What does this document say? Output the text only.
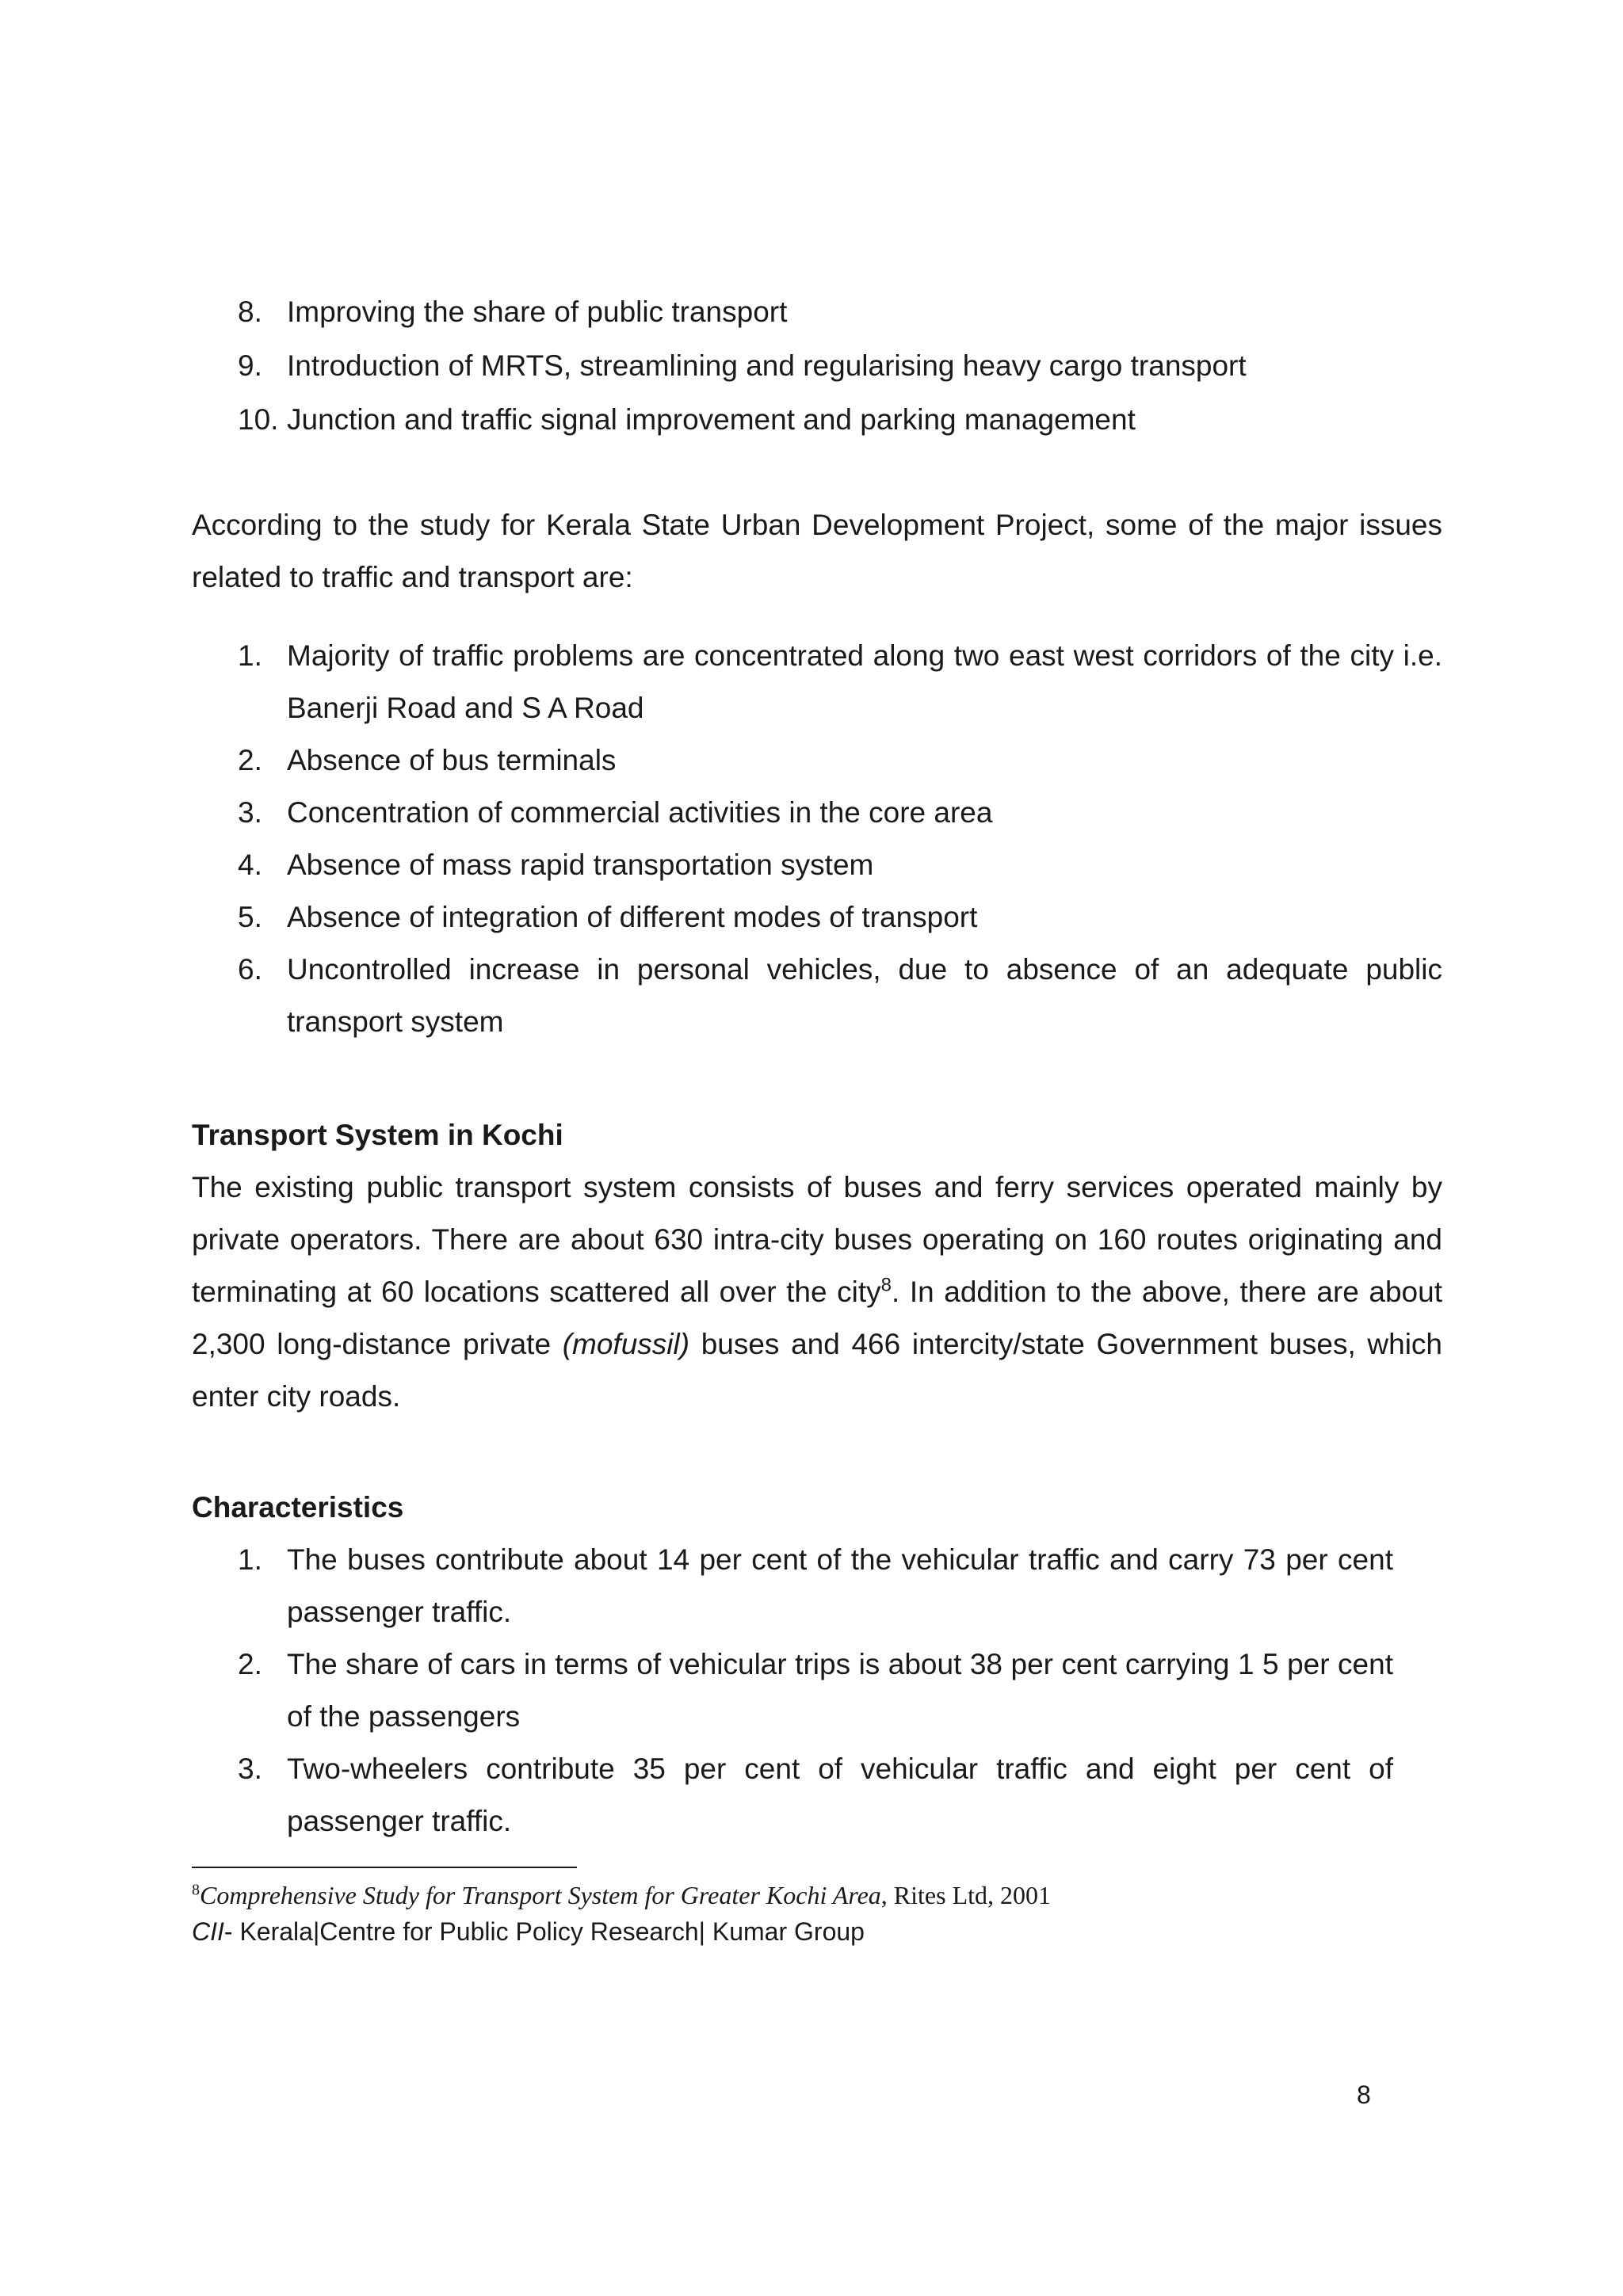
8. Improving the share of public transport
9. Introduction of MRTS, streamlining and regularising heavy cargo transport
10. Junction and traffic signal improvement and parking management

According to the study for Kerala State Urban Development Project, some of the major issues related to traffic and transport are:

1. Majority of traffic problems are concentrated along two east west corridors of the city i.e. Banerji Road and S A Road
2. Absence of bus terminals
3. Concentration of commercial activities in the core area
4. Absence of mass rapid transportation system
5. Absence of integration of different modes of transport
6. Uncontrolled increase in personal vehicles, due to absence of an adequate public transport system

Transport System in Kochi

The existing public transport system consists of buses and ferry services operated mainly by private operators. There are about 630 intra-city buses operating on 160 routes originating and terminating at 60 locations scattered all over the city$^8$. In addition to the above, there are about 2,300 long-distance private (mofussil) buses and 466 intercity/state Government buses, which enter city roads.

Characteristics

1. The buses contribute about 14 per cent of the vehicular traffic and carry 73 per cent passenger traffic.
2. The share of cars in terms of vehicular trips is about 38 per cent carrying 1 5 per cent of the passengers
3. Two-wheelers contribute 35 per cent of vehicular traffic and eight per cent of passenger traffic.
$^8$Comprehensive Study for Transport System for Greater Kochi Area, Rites Ltd, 2001
CII- Kerala|Centre for Public Policy Research| Kumar Group
8
